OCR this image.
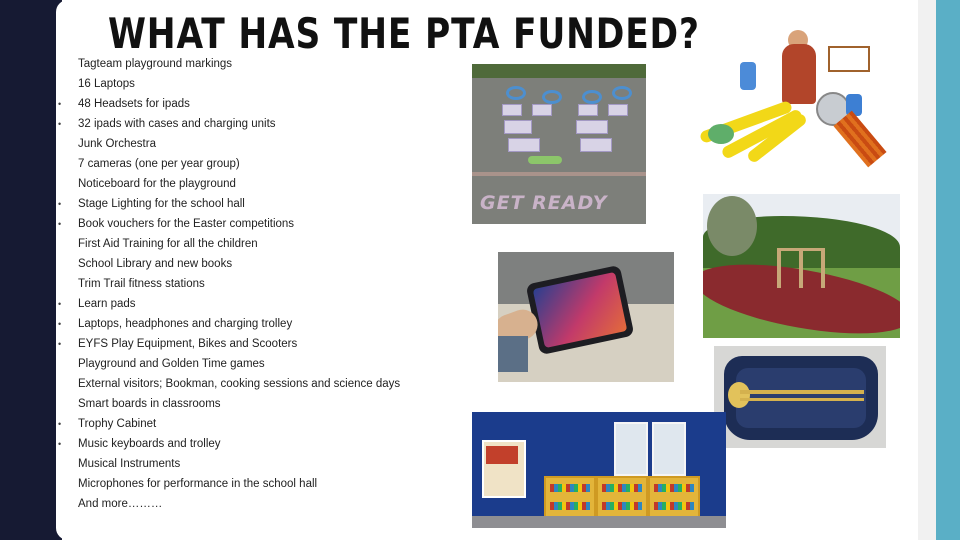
Tagteam playground markings
16 Laptops
•	48 Headsets for ipads
•	32 ipads with cases and charging units
Junk Orchestra
7 cameras (one per year group)
Noticeboard for the playground
•	Stage Lighting for the school hall
•	Book vouchers for the Easter competitions
First Aid Training for all the children
School Library and new books
Trim Trail fitness stations
•	Learn pads
•	Laptops, headphones and charging trolley
•	EYFS Play Equipment, Bikes and Scooters
Playground and Golden Time games
External visitors; Bookman, cooking sessions and science days
Smart boards in classrooms
•	Trophy Cabinet
•	Music keyboards and trolley
Musical Instruments
Microphones for performance in the school hall
And more………
GET READY
WHAT HAS THE PTA FUNDED?
